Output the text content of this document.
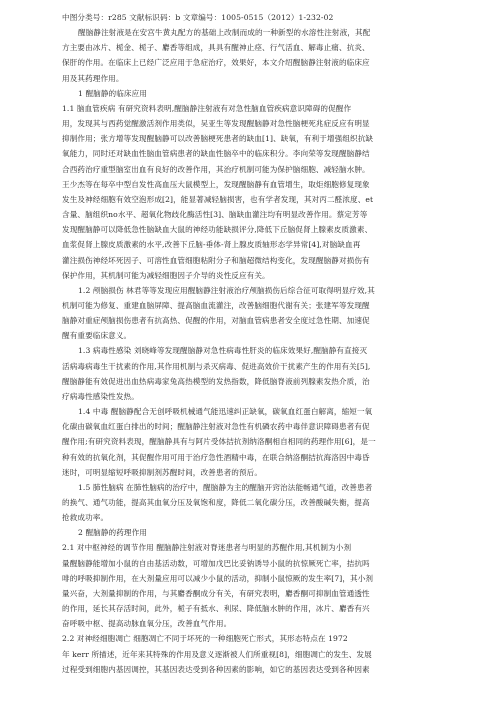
中图分类号：r285 文献标识码：b 文章编号：1005-0515（2012）1-232-02
醒脑静注射液是在安宫牛黄丸配方的基础上改制而成的一种新型的水溶性注射液，其配
方主要由冰片、栀金、栀子、麝香等组成，具具有醒神止痉、行气活血、解毒止痛、抗炎、
保肝的作用。在临床上已经广泛应用于急症治疗，效果好，本文介绍醒脑静注射液的临床应
用及其药理作用。
1 醒脑静的临床应用
1.1 脑血管疾病 有研究资料表明,醒脑静注射液有对急性脑血管疾病意识障碍的促醒作
用，发现其与西药觉醒激活剂作用类似，吴亚生等发现醒脑静对急性脑梗死兆症反应有明显
抑制作用；张方增等发现醒脑静可以改善脑梗死患者的缺血[1]、缺氧，有利于增强组织抗缺
氧能力，同时还对缺血性脑血管病患者的缺血性脑卒中的临床积分。李向荣等发现醒脑静结
合西药治疗重型脑室出血有良好的改善作用，其治疗机制可能为保护脑细胞、减轻脑水肿。
王少杰等在每卒中型自发性高血压大鼠模型上，发现醒脑静有血管增生，取炬细胞修复现象
发生及神经细胞有效空泡形成[2]，能显著减轻脑损害，也有学者发现，其对丙二醛浓度、et
含量、脑组织no水平、超氧化物歧化酶活性[3]、脑缺血灌注均有明显改善作用。蔡定芳等
发现醒脑静可以降低急性脑缺血大鼠的神经功能缺损评分,降低下丘脑促肾上腺素皮质激素、
血浆促肾上腺皮质激素的水平,改善下丘脑-垂体-肾上腺皮质轴形态学异常[4],对脑缺血再
灌注损伤神经坏死因子、可溶性血管细胞粘附分子和脑超微结构变化，发现醒脑静对损伤有
保护作用，其机制可能为减轻细胞因子介导的炎性反应有关。
1.2 颅脑损伤 林君等等发现应用醒脑静注射液治疗颅脑损伤后综合征可取得明显疗效,其
机制可能为修复、重建血脑屏障、提高脑血流灌注，改善脑细胞代谢有关；张建军等发现醒
脑静对重症颅脑损伤患者有抗高热、促醒的作用，对脑血管病患者安全度过急性期、加速促
醒有重要临床意义。
1.3 病毒性感染 刘晓峰等发现醒脑静对急性病毒性肝炎的临床效果好,醒脑静有直接灭
活病毒病毒生干扰素的作用,其作用机制与杀灭病毒、促进高效价干扰素产生的作用有关[5],
醒脑静能有效促进出血热病毒家兔高热模型的发热指数，降低脑脊液前列腺素发热介质，治
疗病毒性感染性发热。
1.4 中毒 醒脑静配合无创呼吸机械通气能迅速纠正缺氧，碳氧血红蛋白解离，缩短一氧
化碳由碳氧血红蛋白排出的时间；醒脑静注射液对急性有机磷农药中毒伴意识障碍患者有促
醒作用;有研究资料表现，醒脑静具有与阿片受体拮抗剂纳洛酮相自相同的药理作用[6]，是一
种有效的抗氧化剂，其促醒作用可用于治疗急性酒精中毒，在联合纳洛酮拮抗海洛因中毒昏
迷时，可明显缩短呼吸抑制剂苏醒时间，改善患者的预后。
1.5 肺性脑病 在肺性脑病的治疗中，醒脑静为主的醒脑开窍治法能畅通气道，改善患者
的换气、通气功能，提高其血氧分压及氧饱和度，降低二氧化碳分压，改善酸碱失衡，提高
抢救成功率。
2 醒脑静的药理作用
2.1 对中枢神经的调节作用 醒脑静注射液对脊迷患者与明显的苏醒作用,其机制为小剂
量醒脑静能增加小鼠的自由基活动数，可增加戊巴比妥钠诱导小鼠的抗惊厥死亡率，拮抗吗
啡的呼吸抑制作用，在大剂量应用可以减少小鼠的活动，抑制小鼠惊厥的发生率[7]，其小剂
量兴奋，大剂量抑制的作用，与其麝香酮成分有关，有研究表明，麝香酮可抑制血管通透性
的作用，延长其存活时间，此外，栀子有抵水、利尿、降低脑水肿的作用，冰片、麝香有兴
奋呼吸中枢、提高动脉血氧分压，改善血气作用。
2.2 对神经细胞凋亡 细胞凋亡不同于坏死的一种细胞死亡形式，其形态特点在 1972
年 kerr 所描述，近年来其特殊的作用及意义逐渐被人们所重视[8]，细胞凋亡的发生、发展
过程受到细胞内基因调控，其基因表达受到各种因素的影响，如它的基因表达受到各种因素
